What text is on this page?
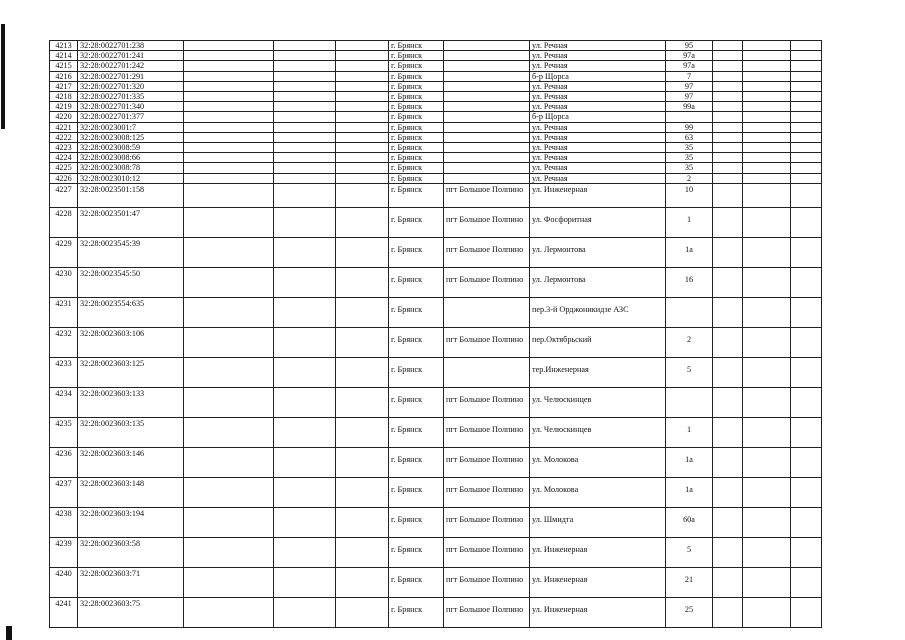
4213	32:28:0022701:238				г. Брянск		ул. Речная	95			
4214	32:28:0022701:241				г. Брянск		ул. Речная	97а			
4215	32:28:0022701:242				г. Брянск		ул. Речная	97а			
4216	32:28:0022701:291				г. Брянск		б-р Щорса	7			
4217	32:28:0022701:320				г. Брянск		ул. Речная	97			
4218	32:28:0022701:335				г. Брянск		ул. Речная	97			
4219	32:28:0022701:340				г. Брянск		ул. Речная	99а			
4220	32:28:0022701:377				г. Брянск		б-р Щорса				
4221	32:28:0023001:7				г. Брянск		ул. Речная	99			
4222	32:28:0023008:125				г. Брянск		ул. Речная	63			
4223	32:28:0023008:59				г. Брянск		ул. Речная	35			
4224	32:28:0023008:66				г. Брянск		ул. Речная	35			
4225	32:28:0023008:78				г. Брянск		ул. Речная	35			
4226	32:28:0023010:12				г. Брянск		ул. Речная	2			
4227	32:28:0023501:158				г. Брянск	пгт Большое Полпино	ул. Инженерная	10			
4228	32:28:0023501:47				г. Брянск	пгт Большое Полпино	ул. Фосфоритная	1			
4229	32:28:0023545:39				г. Брянск	пгт Большое Полпино	ул. Лермонтова	1а			
4230	32:28:0023545:50				г. Брянск	пгт Большое Полпино	ул. Лермонтова	16			
4231	32:28:0023554:635				г. Брянск		пер.3-й Орджоникидзе АЗС				
4232	32:28:0023603:106				г. Брянск	пгт Большое Полпино	пер.Октябрьский	2			
4233	32:28:0023603:125				г. Брянск		тер.Инженерная	5			
4234	32:28:0023603:133				г. Брянск	пгт Большое Полпино	ул. Челюскинцев				
4235	32:28:0023603:135				г. Брянск	пгт Большое Полпино	ул. Челюскинцев	1			
4236	32:28:0023603:146				г. Брянск	пгт Большое Полпино	ул. Молокова	1а			
4237	32:28:0023603:148				г. Брянск	пгт Большое Полпино	ул. Молокова	1а			
4238	32:28:0023603:194				г. Брянск	пгт Большое Полпино	ул. Шмидта	60а			
4239	32:28:0023603:58				г. Брянск	пгт Большое Полпино	ул. Инженерная	5			
4240	32:28:0023603:71				г. Брянск	пгт Большое Полпино	ул. Инженерная	21			
4241	32:28:0023603:75				г. Брянск	пгт Большое Полпино	ул. Инженерная	25			
